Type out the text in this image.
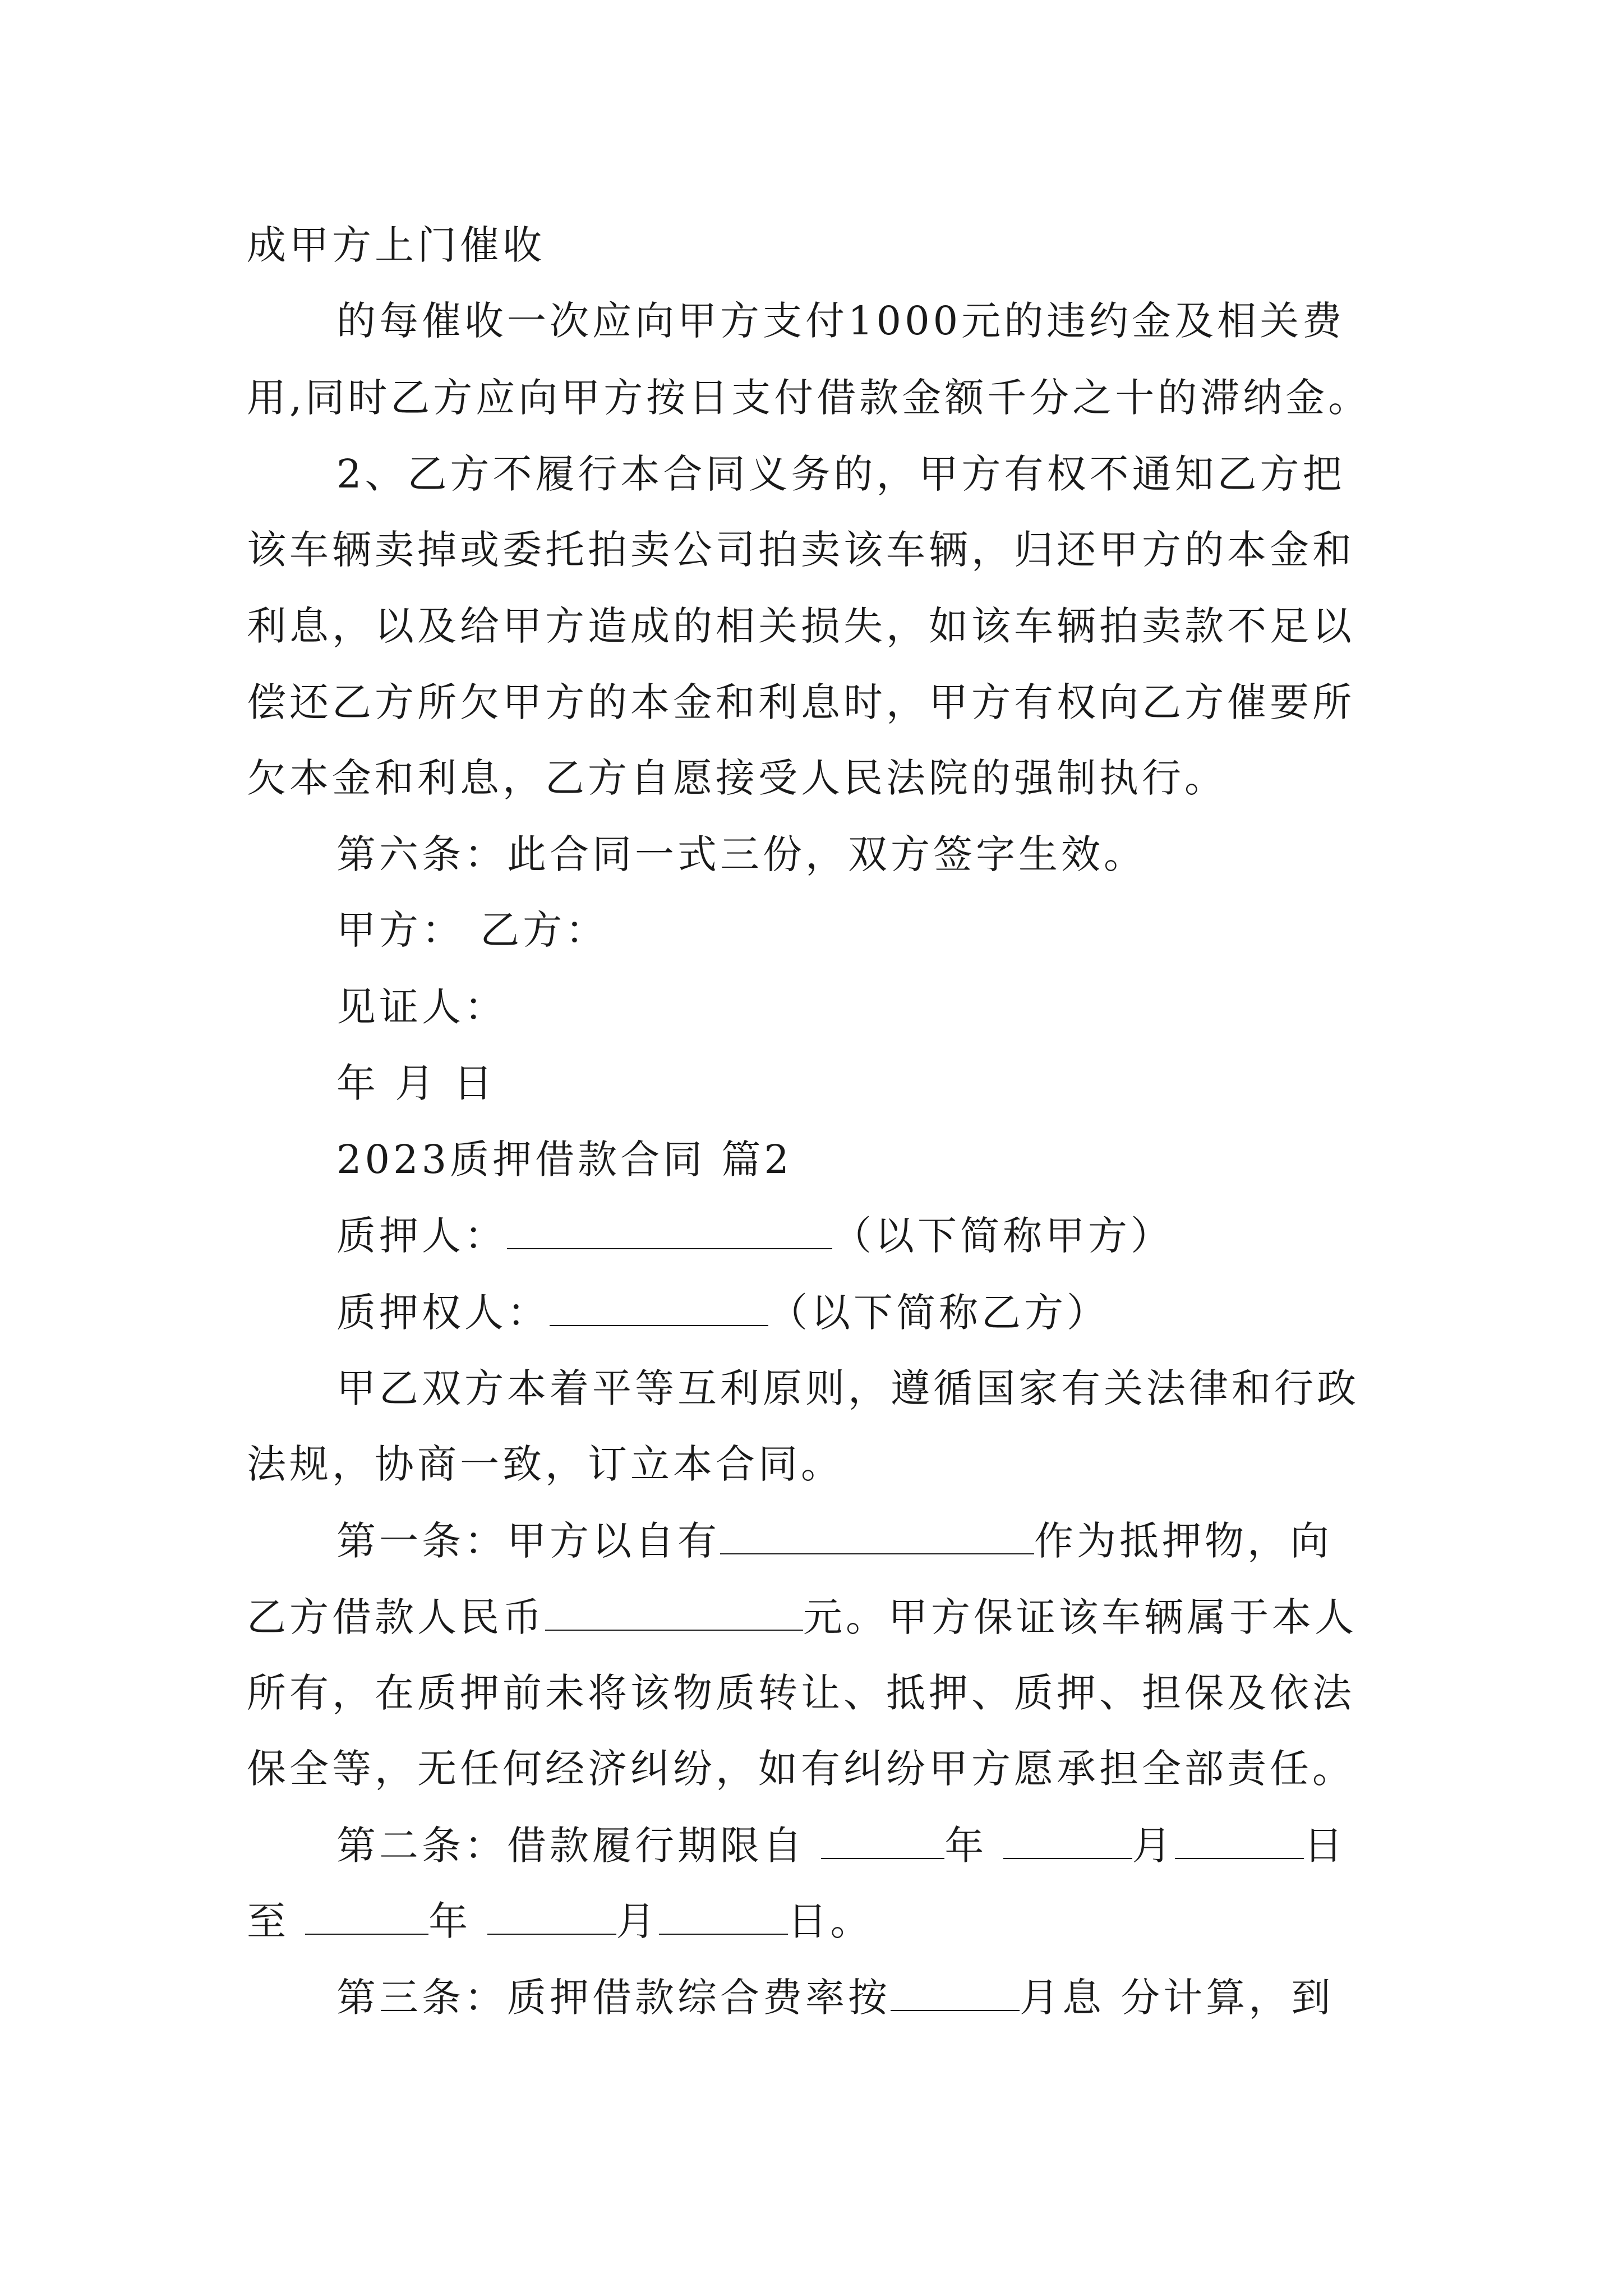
成甲方上门催收
的每催收一次应向甲方支付1000元的违约金及相关费
用,同时乙方应向甲方按日支付借款金额千分之十的滞纳金。
2、乙方不履行本合同义务的，甲方有权不通知乙方把
该车辆卖掉或委托拍卖公司拍卖该车辆，归还甲方的本金和
利息，以及给甲方造成的相关损失，如该车辆拍卖款不足以
偿还乙方所欠甲方的本金和利息时，甲方有权向乙方催要所
欠本金和利息，乙方自愿接受人民法院的强制执行。
第六条：此合同一式三份，双方签字生效。
甲方： 乙方：
见证人：
年 月 日
2023质押借款合同 篇2
质押人：	（以下简称甲方）
质押权人：	（以下简称乙方）
甲乙双方本着平等互利原则，遵循国家有关法律和行政
法规，协商一致，订立本合同。
第一条：甲方以自有	作为抵押物，向
乙方借款人民币	元。甲方保证该车辆属于本人
所有，在质押前未将该物质转让、抵押、质押、担保及依法
保全等，无任何经济纠纷，如有纠纷甲方愿承担全部责任。
第二条：借款履行期限自	年	月	日
至	年	月	日。
第三条：质押借款综合费率按	月息 分计算，到
